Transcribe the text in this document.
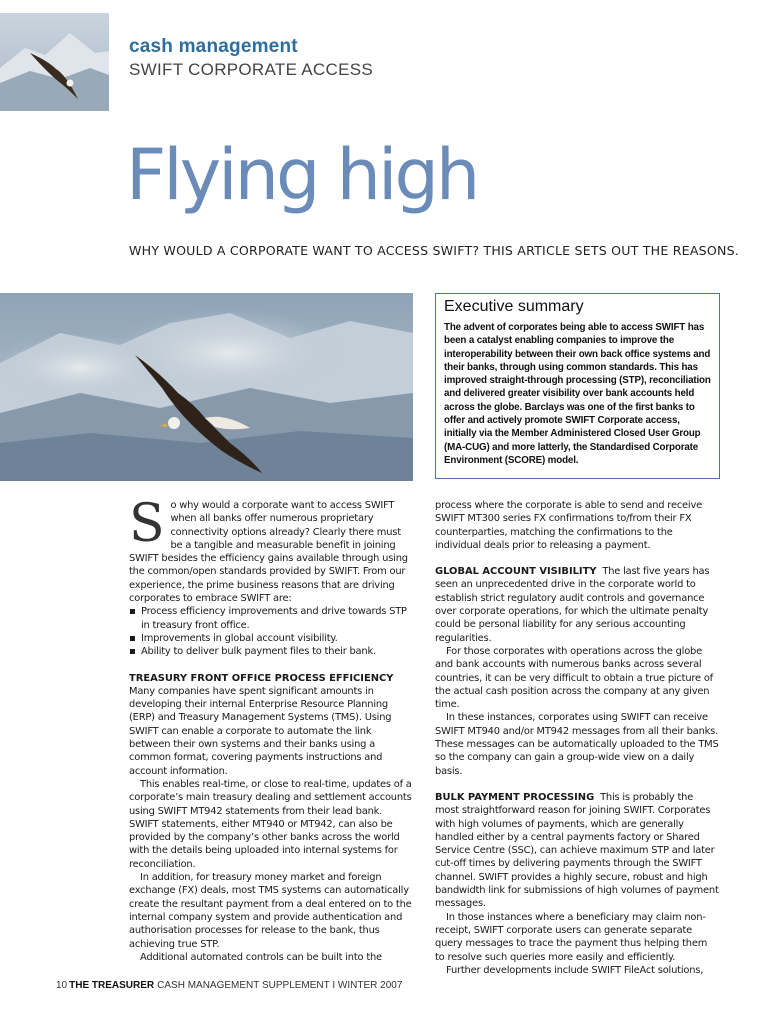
cash management
SWIFT CORPORATE ACCESS
Flying high
WHY WOULD A CORPORATE WANT TO ACCESS SWIFT? THIS ARTICLE SETS OUT THE REASONS.
Executive summary

The advent of corporates being able to access SWIFT has been a catalyst enabling companies to improve the interoperability between their own back office systems and their banks, through using common standards. This has improved straight-through processing (STP), reconciliation and delivered greater visibility over bank accounts held across the globe. Barclays was one of the first banks to offer and actively promote SWIFT Corporate access, initially via the Member Administered Closed User Group (MA-CUG) and more latterly, the Standardised Corporate Environment (SCORE) model.

So why would a corporate want to access SWIFT when all banks offer numerous proprietary connectivity options already? Clearly there must be a tangible and measurable benefit in joining SWIFT besides the efficiency gains available through using the common/open standards provided by SWIFT. From our experience, the prime business reasons that are driving corporates to embrace SWIFT are:

Process efficiency improvements and drive towards STP in treasury front office.
Improvements in global account visibility.
Ability to deliver bulk payment files to their bank.

TREASURY FRONT OFFICE PROCESS EFFICIENCY  Many companies have spent significant amounts in developing their internal Enterprise Resource Planning (ERP) and Treasury Management Systems (TMS). Using SWIFT can enable a corporate to automate the link between their own systems and their banks using a common format, covering payments instructions and account information.

This enables real-time, or close to real-time, updates of a corporate’s main treasury dealing and settlement accounts using SWIFT MT942 statements from their lead bank. SWIFT statements, either MT940 or MT942, can also be provided by the company’s other banks across the world with the details being uploaded into internal systems for reconciliation.

In addition, for treasury money market and foreign exchange (FX) deals, most TMS systems can automatically create the resultant payment from a deal entered on to the internal company system and provide authentication and authorisation processes for release to the bank, thus achieving true STP.

Additional automated controls can be built into the

process where the corporate is able to send and receive SWIFT MT300 series FX confirmations to/from their FX counterparties, matching the confirmations to the individual deals prior to releasing a payment.

GLOBAL ACCOUNT VISIBILITY The last five years has seen an unprecedented drive in the corporate world to establish strict regulatory audit controls and governance over corporate operations, for which the ultimate penalty could be personal liability for any serious accounting regularities.

For those corporates with operations across the globe and bank accounts with numerous banks across several countries, it can be very difficult to obtain a true picture of the actual cash position across the company at any given time.

In these instances, corporates using SWIFT can receive SWIFT MT940 and/or MT942 messages from all their banks. These messages can be automatically uploaded to the TMS so the company can gain a group-wide view on a daily basis.

BULK PAYMENT PROCESSING This is probably the most straightforward reason for joining SWIFT. Corporates with high volumes of payments, which are generally handled either by a central payments factory or Shared Service Centre (SSC), can achieve maximum STP and later cut-off times by delivering payments through the SWIFT channel. SWIFT provides a highly secure, robust and high bandwidth link for submissions of high volumes of payment messages.

In those instances where a beneficiary may claim non-receipt, SWIFT corporate users can generate separate query messages to trace the payment thus helping them to resolve such queries more easily and efficiently.

Further developments include SWIFT FileAct solutions,

10 THE TREASURER CASH MANAGEMENT SUPPLEMENT I WINTER 2007
